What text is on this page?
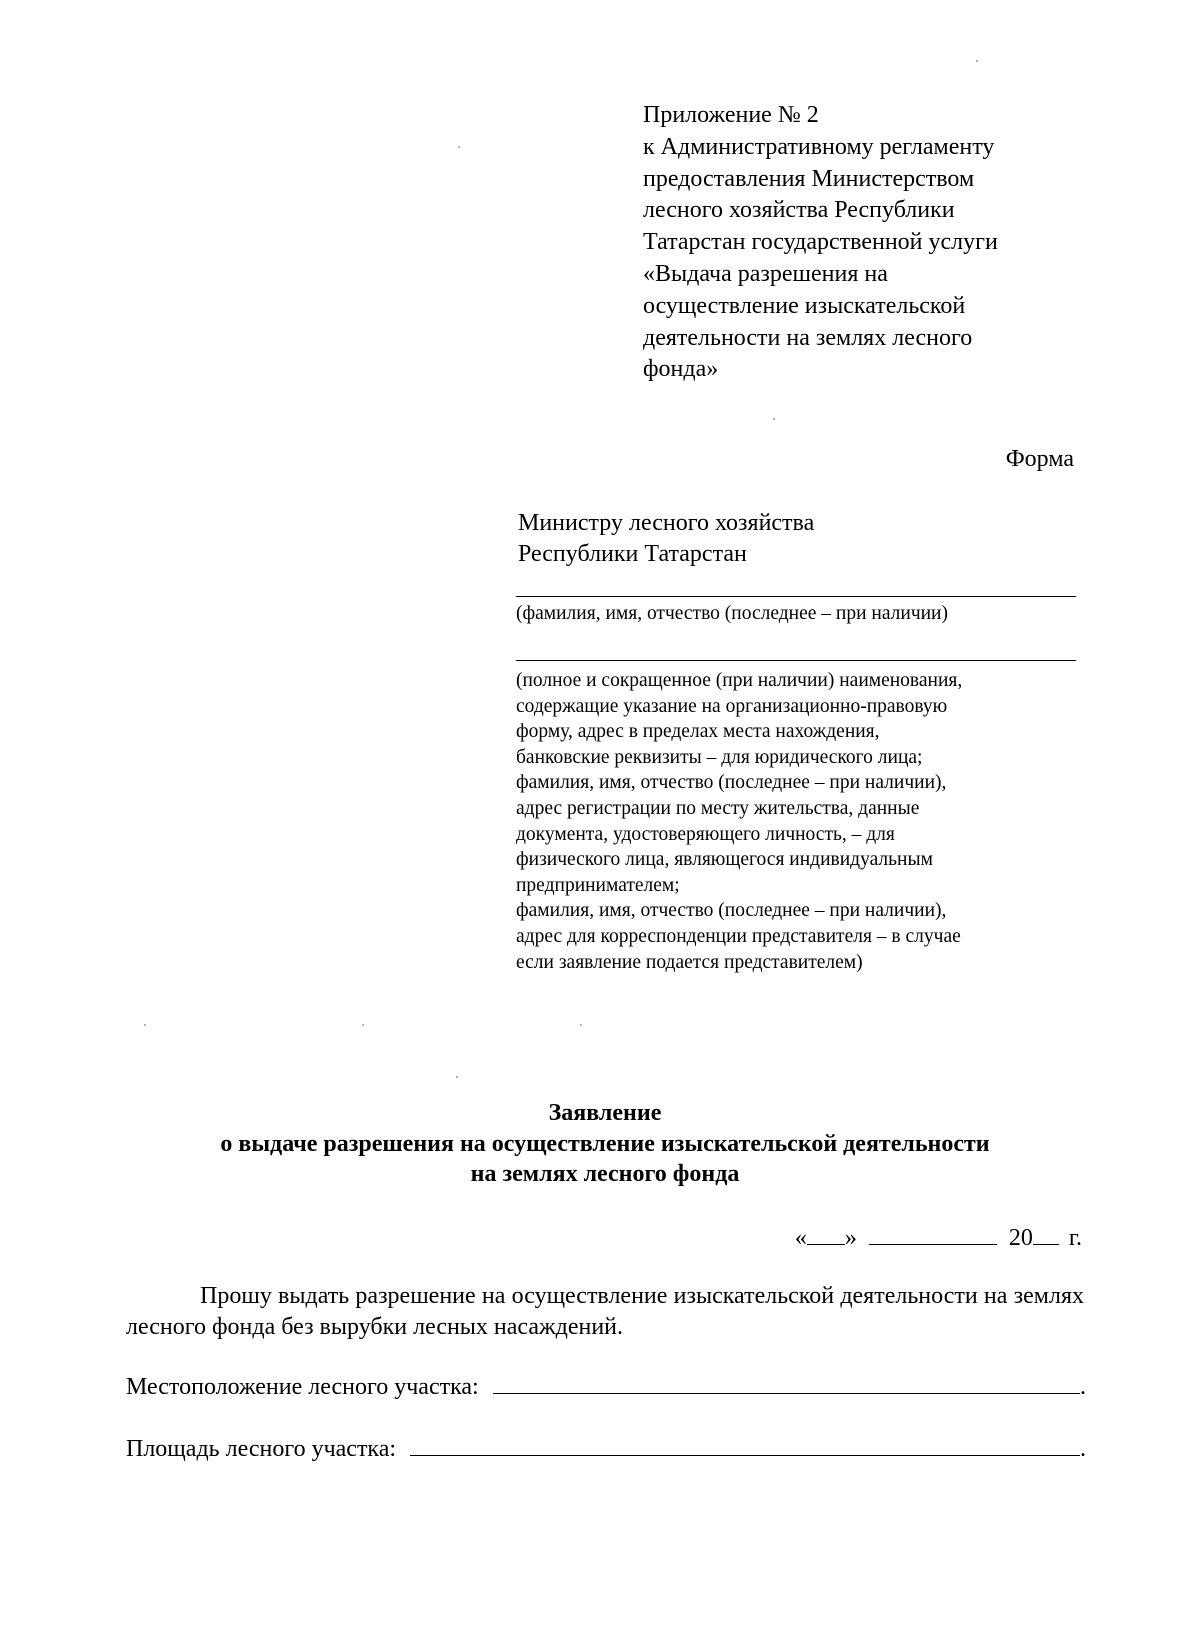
Приложение № 2
к Административному регламенту
предоставления Министерством
лесного хозяйства Республики
Татарстан государственной услуги
«Выдача разрешения на
осуществление изыскательской
деятельности на землях лесного
фонда»
Форма
Министру лесного хозяйства
Республики Татарстан
(фамилия, имя, отчество (последнее – при наличии)
(полное и сокращенное (при наличии) наименования,
содержащие указание на организационно-правовую
форму, адрес в пределах места нахождения,
банковские реквизиты – для юридического лица;
фамилия, имя, отчество (последнее – при наличии),
адрес регистрации по месту жительства, данные
документа, удостоверяющего личность, – для
физического лица, являющегося индивидуальным
предпринимателем;
фамилия, имя, отчество (последнее – при наличии),
адрес для корреспонденции представителя – в случае
если заявление подается представителем)
Заявление
о выдаче разрешения на осуществление изыскательской деятельности
на землях лесного фонда
« »	20 г.
Прошу выдать разрешение на осуществление изыскательской деятельности на землях лесного фонда без вырубки лесных насаждений.
Местоположение лесного участка:	.
Площадь лесного участка:	.
